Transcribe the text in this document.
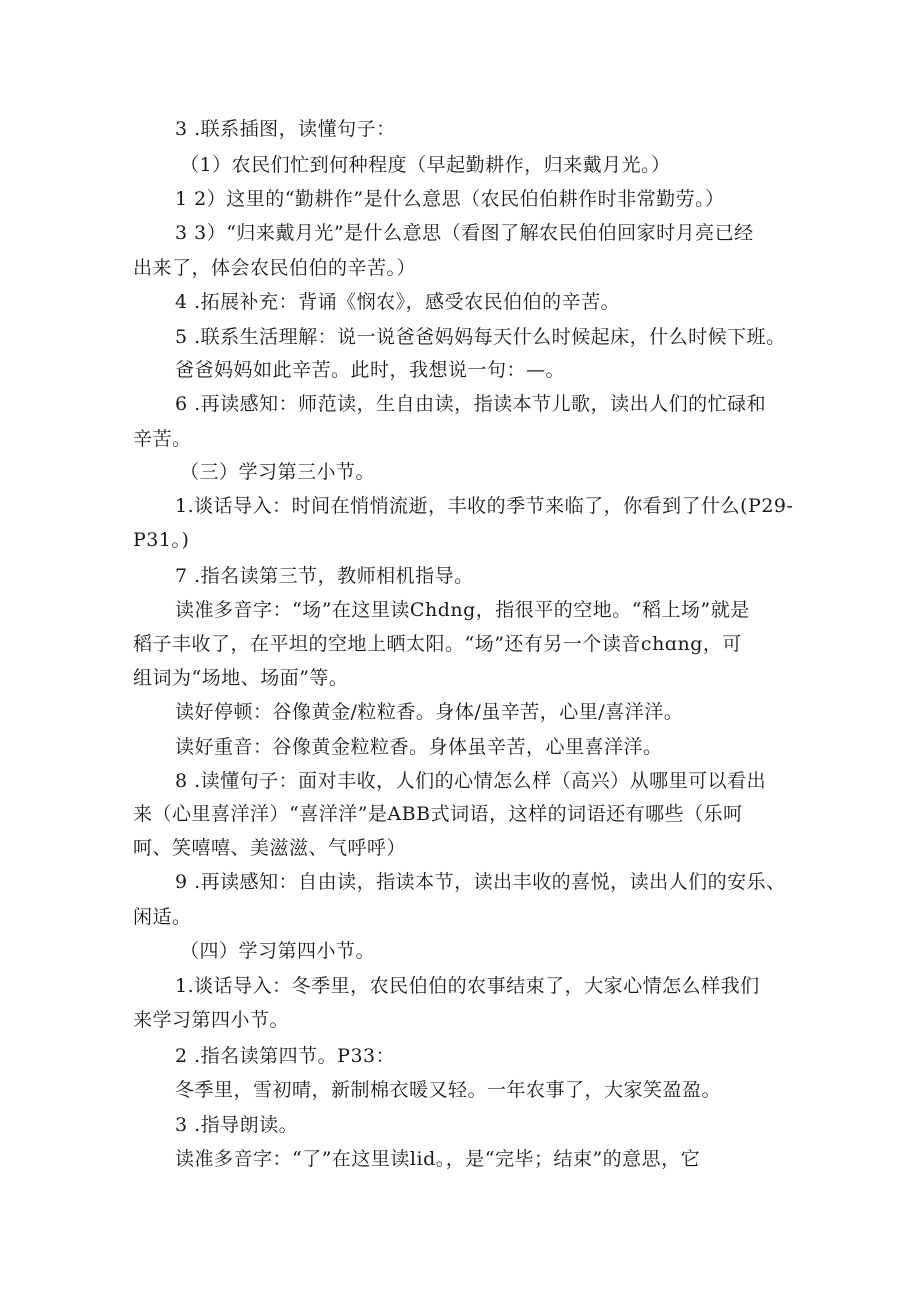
3 .联系插图，读懂句子：
（1）农民们忙到何种程度（早起勤耕作，归来戴月光。）
1 2）这里的“勤耕作”是什么意思（农民伯伯耕作时非常勤劳。）
3 3）“归来戴月光”是什么意思（看图了解农民伯伯回家时月亮已经
出来了，体会农民伯伯的辛苦。）
4 .拓展补充：背诵《悯农》，感受农民伯伯的辛苦。
5 .联系生活理解：说一说爸爸妈妈每天什么时候起床，什么时候下班。
爸爸妈妈如此辛苦。此时，我想说一句：—。
6 .再读感知：师范读，生自由读，指读本节儿歌，读出人们的忙碌和
辛苦。
（三）学习第三小节。
1.谈话导入：时间在悄悄流逝，丰收的季节来临了，你看到了什么(P29-
P31。)
7 .指名读第三节，教师相机指导。
读准多音字：“场”在这里读Chdng，指很平的空地。“稻上场”就是
稻子丰收了，在平坦的空地上晒太阳。“场”还有另一个读音chɑng，可
组词为“场地、场面”等。
读好停顿：谷像黄金/粒粒香。身体/虽辛苦，心里/喜洋洋。
读好重音：谷像黄金粒粒香。身体虽辛苦，心里喜洋洋。
8 .读懂句子：面对丰收，人们的心情怎么样（高兴）从哪里可以看出
来（心里喜洋洋）“喜洋洋”是ABB式词语，这样的词语还有哪些（乐呵
呵、笑嘻嘻、美滋滋、气呼呼）
9 .再读感知：自由读，指读本节，读出丰收的喜悦，读出人们的安乐、
闲适。
（四）学习第四小节。
1.谈话导入：冬季里，农民伯伯的农事结束了，大家心情怎么样我们
来学习第四小节。
2 .指名读第四节。P33：
冬季里，雪初晴，新制棉衣暖又轻。一年农事了，大家笑盈盈。
3 .指导朗读。
读准多音字：“了”在这里读lid。，是“完毕；结束”的意思，它
